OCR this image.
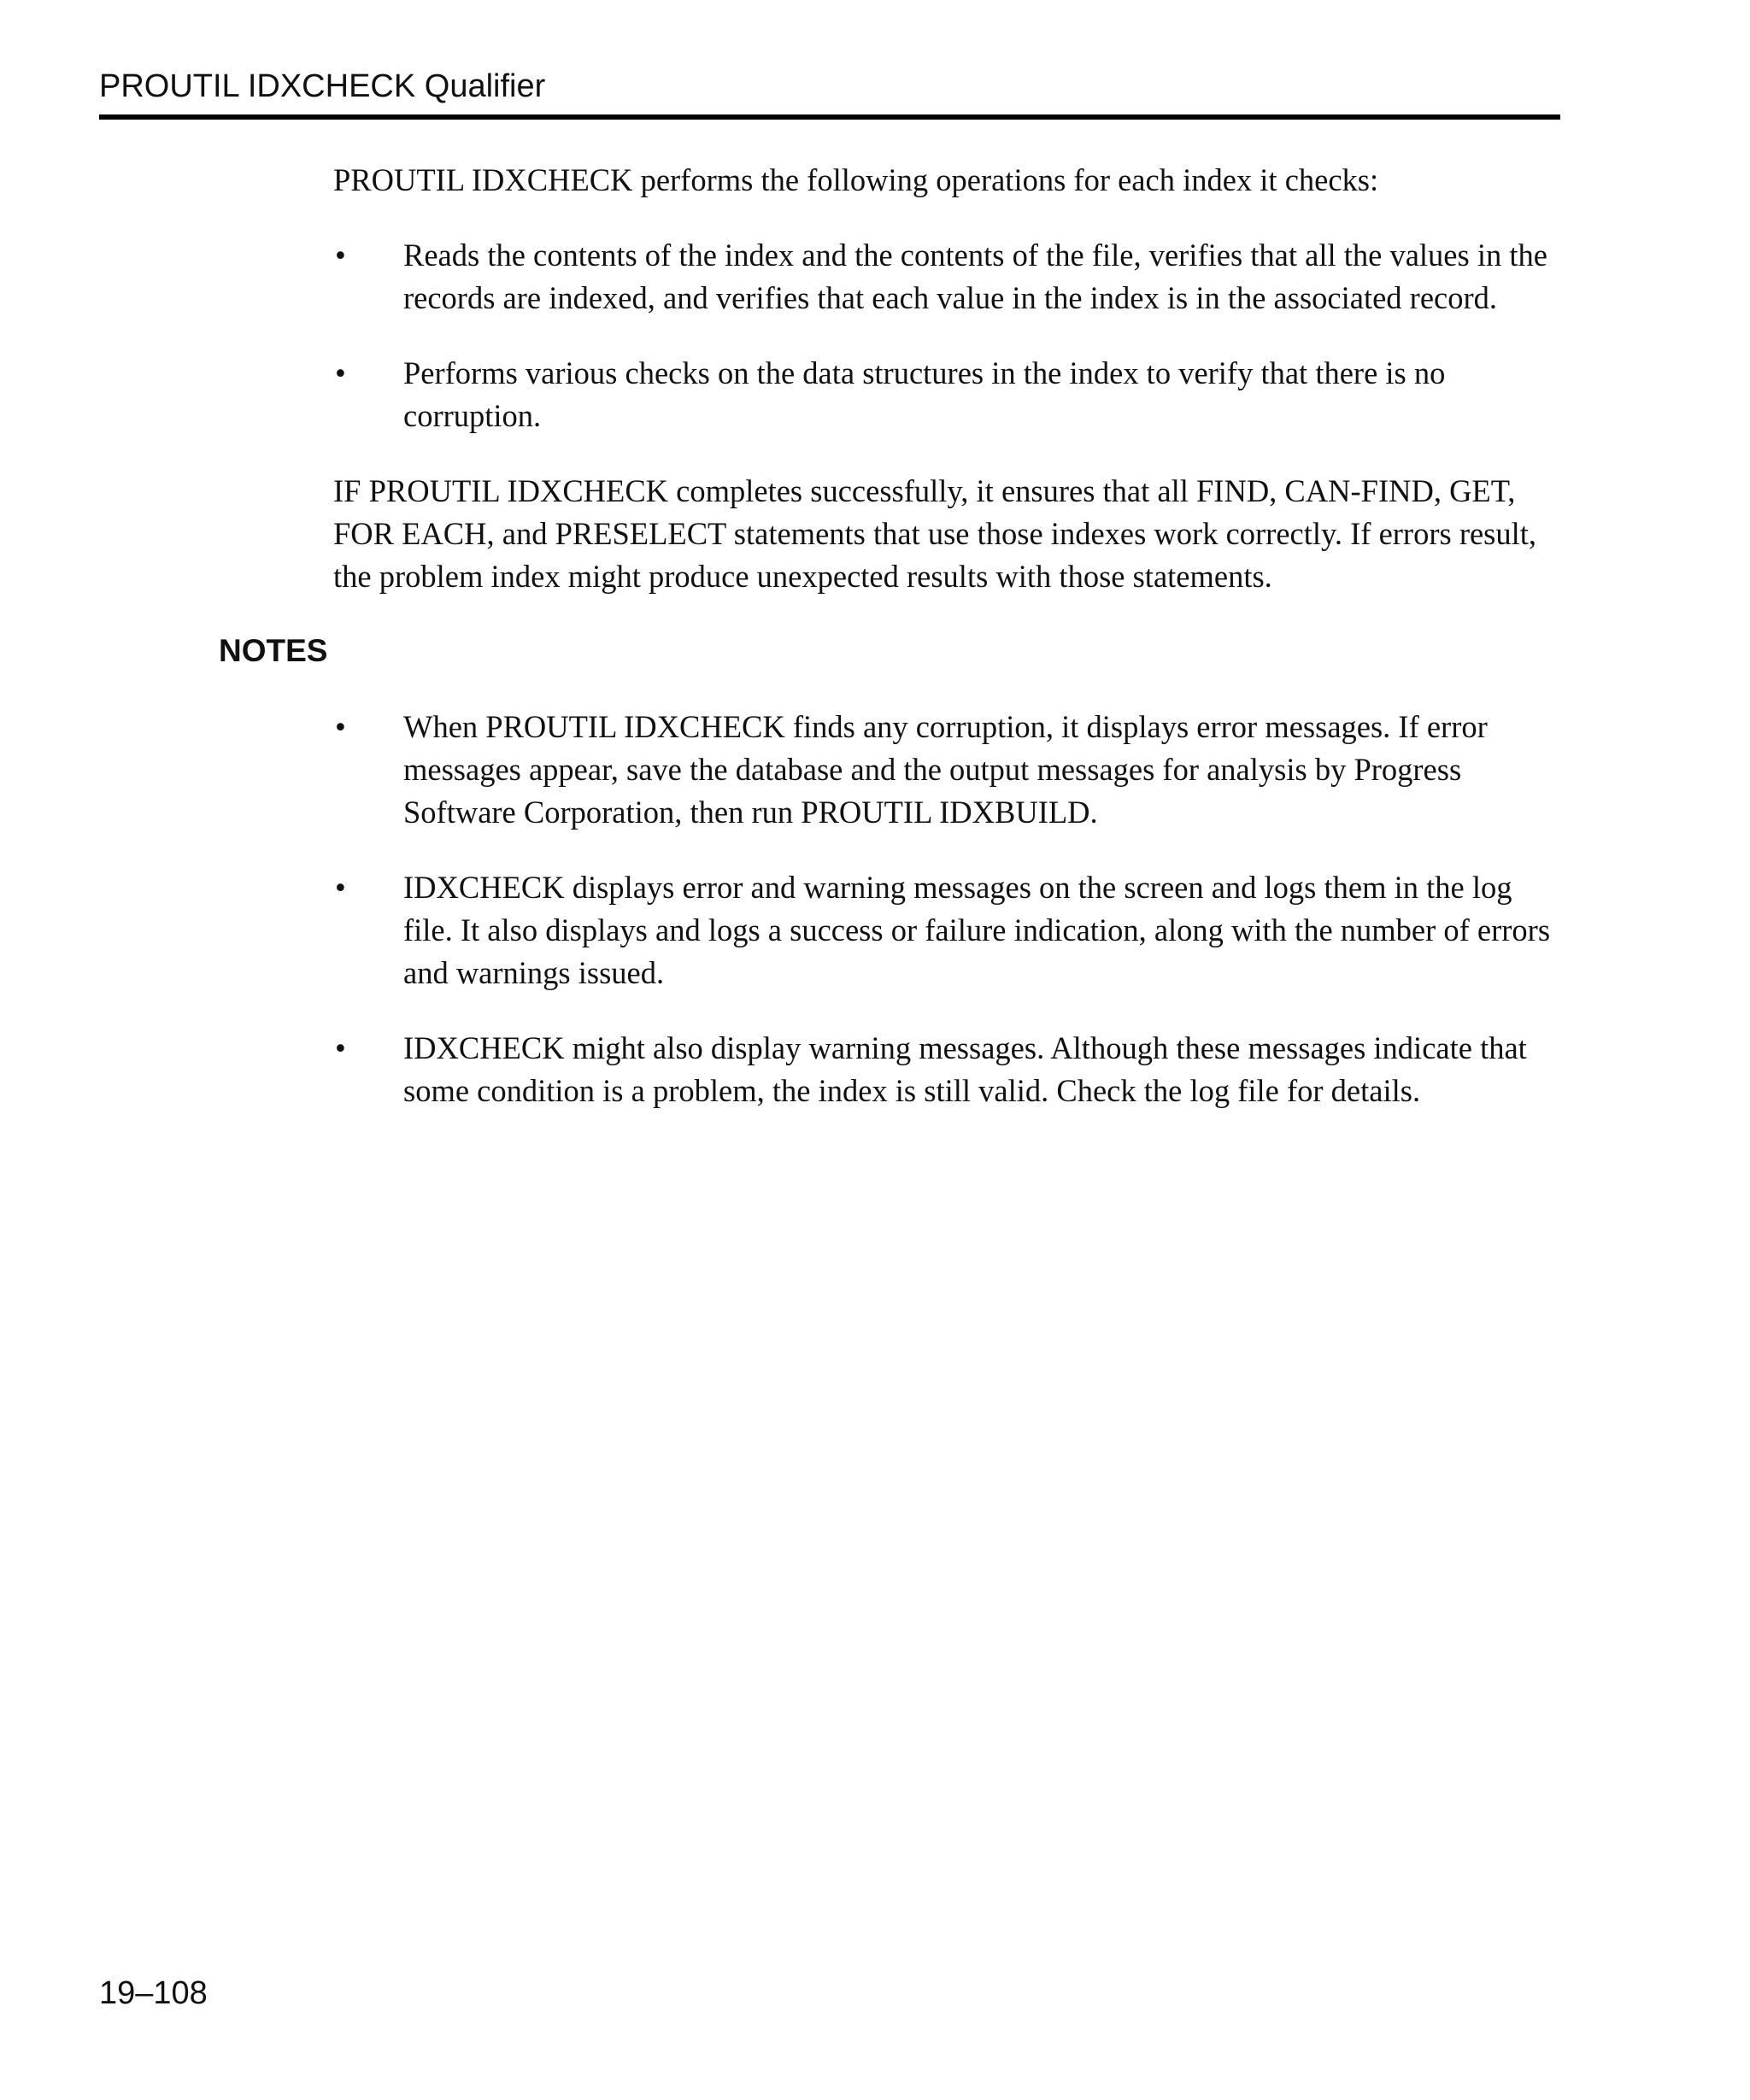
PROUTIL IDXCHECK Qualifier

PROUTIL IDXCHECK performs the following operations for each index it checks:

•	Reads the contents of the index and the contents of the file, verifies that all the values in the records are indexed, and verifies that each value in the index is in the associated record.
•	Performs various checks on the data structures in the index to verify that there is no corruption.

IF PROUTIL IDXCHECK completes successfully, it ensures that all FIND, CAN-FIND, GET, FOR EACH, and PRESELECT statements that use those indexes work correctly. If errors result, the problem index might produce unexpected results with those statements.

NOTES
•	When PROUTIL IDXCHECK finds any corruption, it displays error messages. If error messages appear, save the database and the output messages for analysis by Progress Software Corporation, then run PROUTIL IDXBUILD.
•	IDXCHECK displays error and warning messages on the screen and logs them in the log file. It also displays and logs a success or failure indication, along with the number of errors and warnings issued.
•	IDXCHECK might also display warning messages. Although these messages indicate that some condition is a problem, the index is still valid. Check the log file for details.
19–108
